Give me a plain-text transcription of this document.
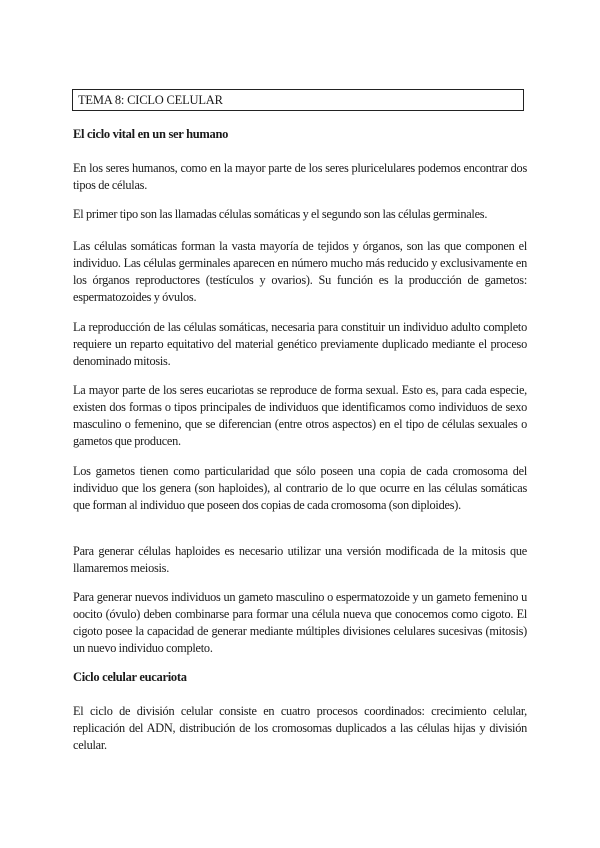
TEMA 8: CICLO CELULAR
El ciclo vital en un ser humano

En los seres humanos, como en la mayor parte de los seres pluricelulares podemos encontrar dos tipos de células.

El primer tipo son las llamadas células somáticas y el segundo son las células germinales.

Las células somáticas forman la vasta mayoría de tejidos y órganos, son las que componen el individuo. Las células germinales aparecen en número mucho más reducido y exclusivamente en los órganos reproductores (testículos y ovarios). Su función es la producción de gametos: espermatozoides y óvulos.

La reproducción de las células somáticas, necesaria para constituir un individuo adulto completo requiere un reparto equitativo del material genético previamente duplicado mediante el proceso denominado mitosis.

La mayor parte de los seres eucariotas se reproduce de forma sexual. Esto es, para cada especie, existen dos formas o tipos principales de individuos que identificamos como individuos de sexo masculino o femenino, que se diferencian (entre otros aspectos) en el tipo de células sexuales o gametos que producen.

Los gametos tienen como particularidad que sólo poseen una copia de cada cromosoma del individuo que los genera (son haploides), al contrario de lo que ocurre en las células somáticas que forman al individuo que poseen dos copias de cada cromosoma (son diploides).

Para generar células haploides es necesario utilizar una versión modificada de la mitosis que llamaremos meiosis.

Para generar nuevos individuos un gameto masculino o espermatozoide y un gameto femenino u oocito (óvulo) deben combinarse para formar una célula nueva que conocemos como cigoto. El cigoto posee la capacidad de generar mediante múltiples divisiones celulares sucesivas (mitosis) un nuevo individuo completo.

Ciclo celular eucariota

El ciclo de división celular consiste en cuatro procesos coordinados: crecimiento celular, replicación del ADN, distribución de los cromosomas duplicados a las células hijas y división celular.
